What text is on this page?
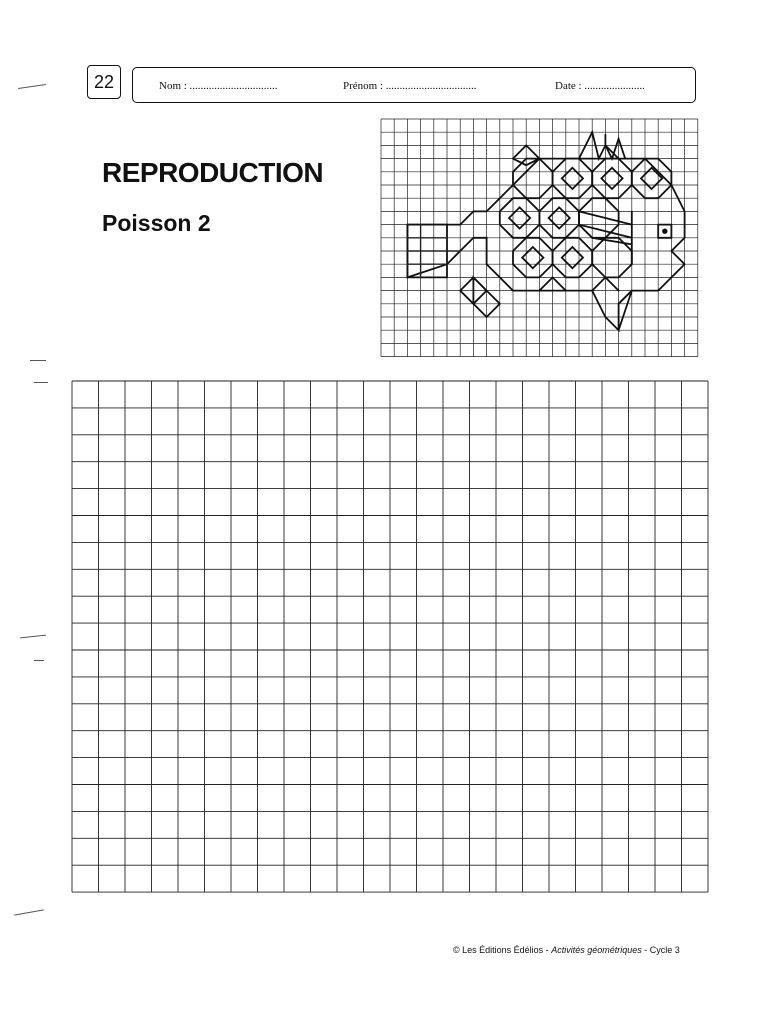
22	Nom : ................................	Prénom : .................................	Date : ......................
REPRODUCTION
Poisson 2
© Les Éditions Édélios - Activités géométriques - Cycle 3
